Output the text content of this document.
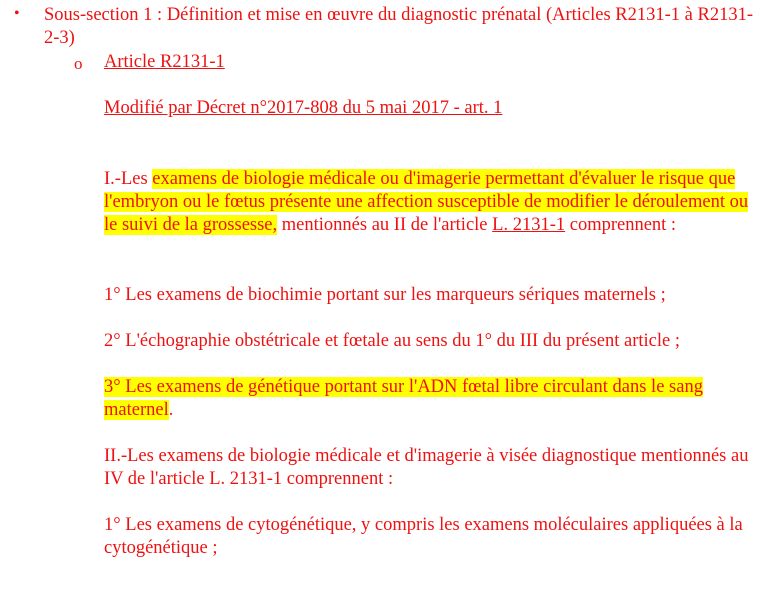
• Sous-section 1 : Définition et mise en œuvre du diagnostic prénatal (Articles R2131-1 à R2131-2-3)
o Article R2131-1
Modifié par Décret n°2017-808 du 5 mai 2017 - art. 1
I.-Les examens de biologie médicale ou d'imagerie permettant d'évaluer le risque que l'embryon ou le fœtus présente une affection susceptible de modifier le déroulement ou le suivi de la grossesse, mentionnés au II de l'article L. 2131-1 comprennent :
1° Les examens de biochimie portant sur les marqueurs sériques maternels ;
2° L'échographie obstétricale et fœtale au sens du 1° du III du présent article ;
3° Les examens de génétique portant sur l'ADN fœtal libre circulant dans le sang maternel.
II.-Les examens de biologie médicale et d'imagerie à visée diagnostique mentionnés au IV de l'article L. 2131-1 comprennent :
1° Les examens de cytogénétique, y compris les examens moléculaires appliquées à la cytogénétique ;
